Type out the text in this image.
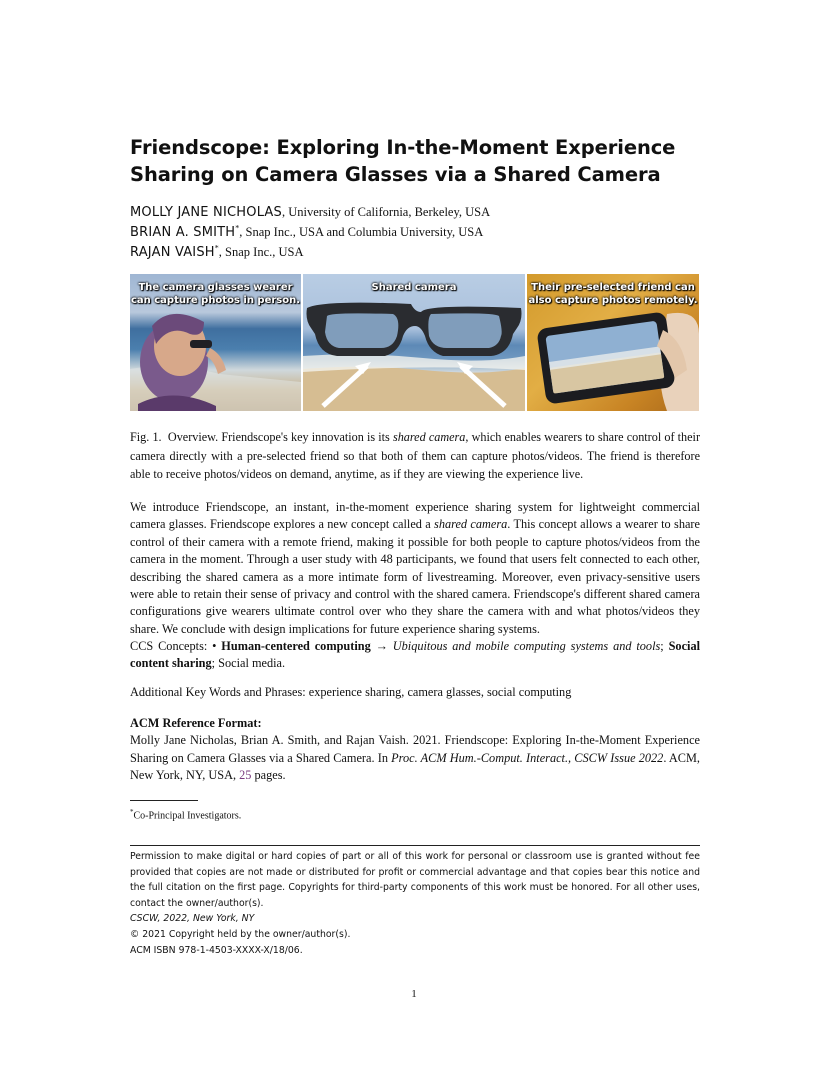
Friendscope: Exploring In-the-Moment Experience Sharing on Camera Glasses via a Shared Camera
MOLLY JANE NICHOLAS, University of California, Berkeley, USA
BRIAN A. SMITH*, Snap Inc., USA and Columbia University, USA
RAJAN VAISH*, Snap Inc., USA
The camera glasses wearer can capture photos in person.
Shared camera	Their pre-selected friend can also capture photos remotely.
Fig. 1. Overview. Friendscope's key innovation is its shared camera, which enables wearers to share control of their camera directly with a pre-selected friend so that both of them can capture photos/videos. The friend is therefore able to receive photos/videos on demand, anytime, as if they are viewing the experience live.
We introduce Friendscope, an instant, in-the-moment experience sharing system for lightweight commercial camera glasses. Friendscope explores a new concept called a shared camera. This concept allows a wearer to share control of their camera with a remote friend, making it possible for both people to capture photos/videos from the camera in the moment. Through a user study with 48 participants, we found that users felt connected to each other, describing the shared camera as a more intimate form of livestreaming. Moreover, even privacy-sensitive users were able to retain their sense of privacy and control with the shared camera. Friendscope's different shared camera configurations give wearers ultimate control over who they share the camera with and what photos/videos they share. We conclude with design implications for future experience sharing systems.
CCS Concepts: • Human-centered computing → Ubiquitous and mobile computing systems and tools; Social content sharing; Social media.
Additional Key Words and Phrases: experience sharing, camera glasses, social computing
ACM Reference Format:
Molly Jane Nicholas, Brian A. Smith, and Rajan Vaish. 2021. Friendscope: Exploring In-the-Moment Experience Sharing on Camera Glasses via a Shared Camera. In Proc. ACM Hum.-Comput. Interact., CSCW Issue 2022. ACM, New York, NY, USA, 25 pages.
*Co-Principal Investigators.
Permission to make digital or hard copies of part or all of this work for personal or classroom use is granted without fee provided that copies are not made or distributed for profit or commercial advantage and that copies bear this notice and the full citation on the first page. Copyrights for third-party components of this work must be honored. For all other uses, contact the owner/author(s).
CSCW, 2022, New York, NY
© 2021 Copyright held by the owner/author(s).
ACM ISBN 978-1-4503-XXXX-X/18/06.
1
